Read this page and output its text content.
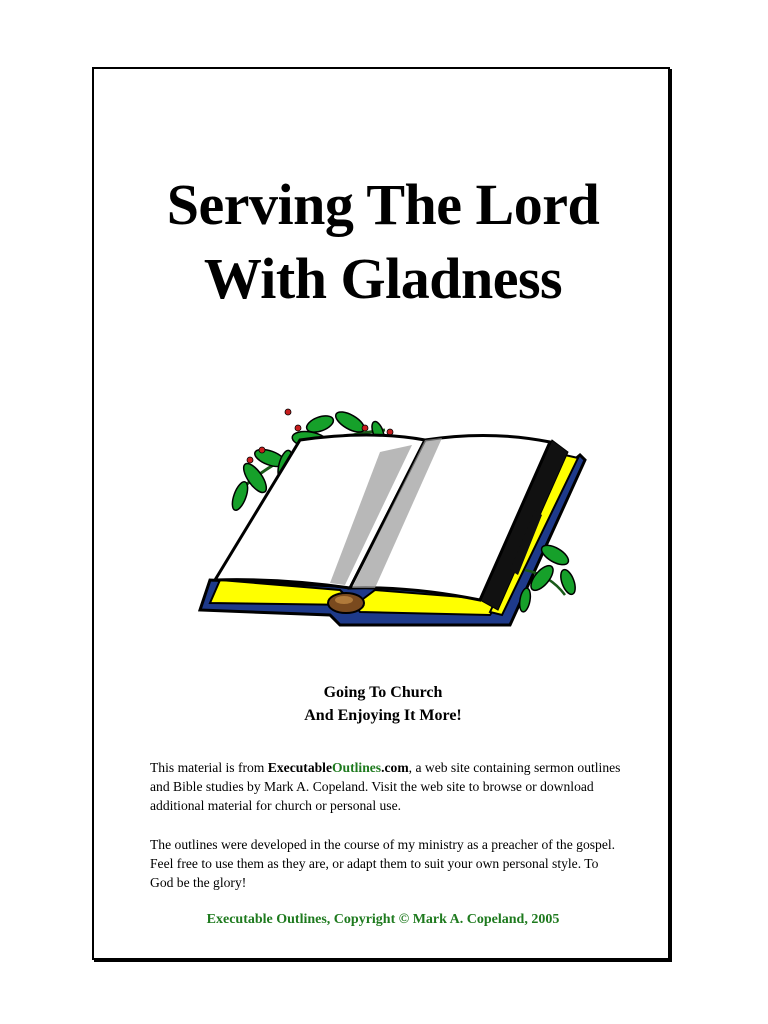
Serving The Lord
With Gladness
Going To Church
And Enjoying It More!

This material is from ExecutableOutlines.com, a web site containing sermon outlines and Bible studies by Mark A. Copeland. Visit the web site to browse or download additional material for church or personal use.

The outlines were developed in the course of my ministry as a preacher of the gospel. Feel free to use them as they are, or adapt them to suit your own personal style. To God be the glory!

Executable Outlines, Copyright © Mark A. Copeland, 2005
